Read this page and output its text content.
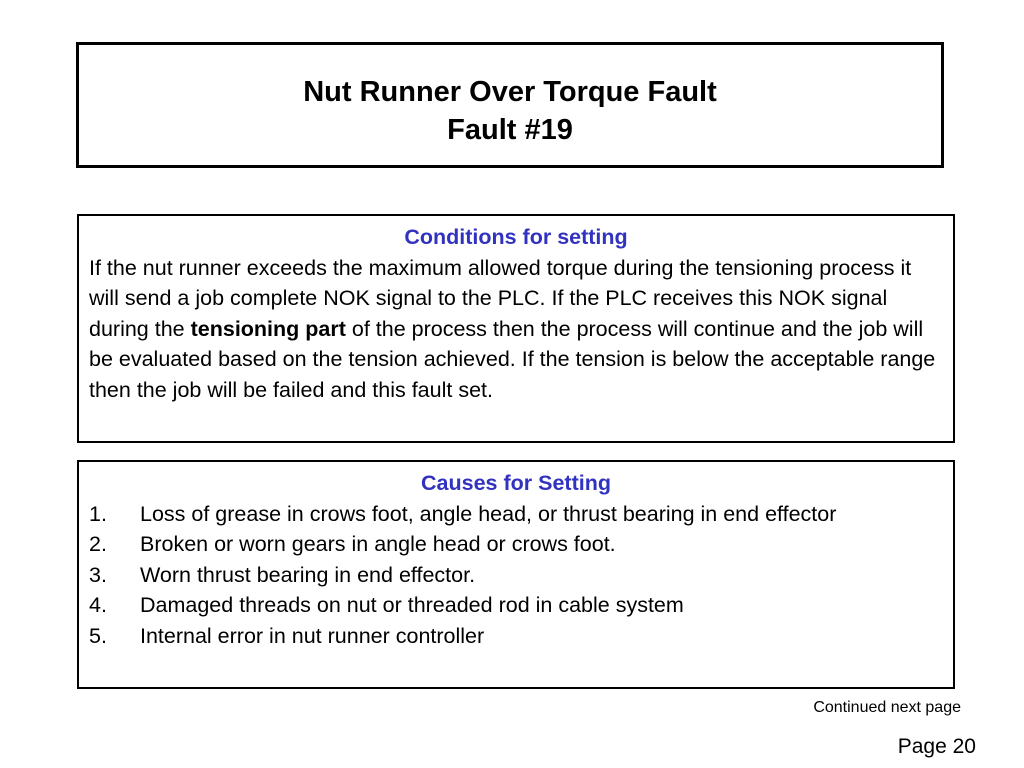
Nut Runner Over Torque Fault
Fault #19
Conditions for setting
If the nut runner exceeds the maximum allowed torque during the tensioning process it will send a job complete NOK signal to the PLC. If the PLC receives this NOK signal during the tensioning part of the process then the process will continue and the job will be evaluated based on the tension achieved. If the tension is below the acceptable range then the job will be failed and this fault set.
Causes for Setting
1.	Loss of grease in crows foot, angle head, or thrust bearing in end effector
2.	Broken or worn gears in angle head or crows foot.
3.	Worn thrust bearing in end effector.
4.	Damaged threads on nut or threaded rod in cable system
5.	Internal error in nut runner controller
Continued next page
Page 20
